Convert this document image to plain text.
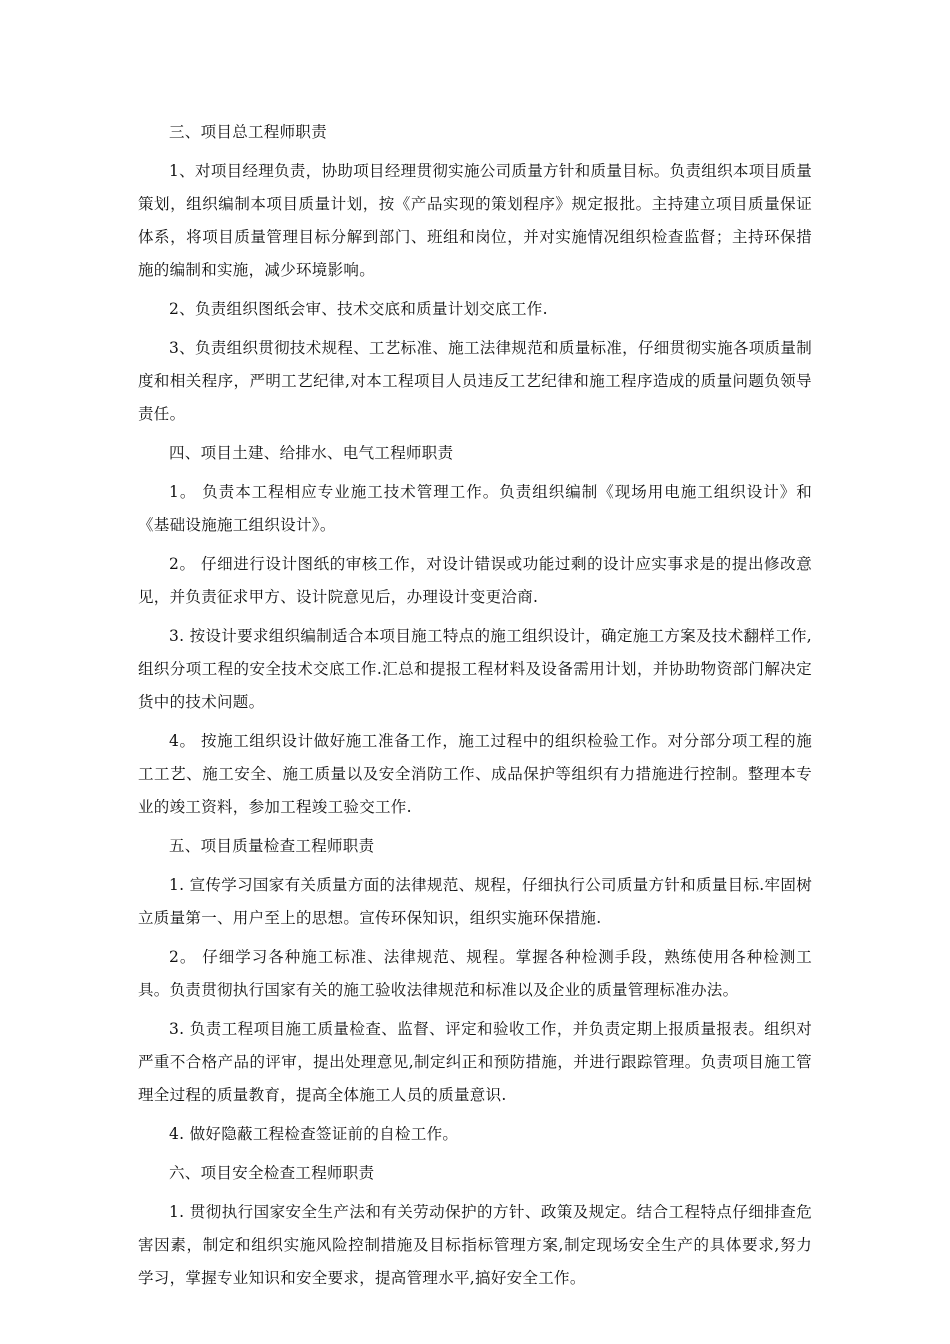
三、项目总工程师职责

1、对项目经理负责，协助项目经理贯彻实施公司质量方针和质量目标。负责组织本项目质量策划，组织编制本项目质量计划，按《产品实现的策划程序》规定报批。主持建立项目质量保证体系，将项目质量管理目标分解到部门、班组和岗位，并对实施情况组织检查监督；主持环保措施的编制和实施，减少环境影响。

2、负责组织图纸会审、技术交底和质量计划交底工作.

3、负责组织贯彻技术规程、工艺标准、施工法律规范和质量标准，仔细贯彻实施各项质量制度和相关程序，严明工艺纪律,对本工程项目人员违反工艺纪律和施工程序造成的质量问题负领导责任。

四、项目土建、给排水、电气工程师职责

1。 负责本工程相应专业施工技术管理工作。负责组织编制《现场用电施工组织设计》和《基础设施施工组织设计》。

2。 仔细进行设计图纸的审核工作，对设计错误或功能过剩的设计应实事求是的提出修改意见，并负责征求甲方、设计院意见后，办理设计变更洽商.

3. 按设计要求组织编制适合本项目施工特点的施工组织设计，确定施工方案及技术翻样工作,组织分项工程的安全技术交底工作.汇总和提报工程材料及设备需用计划，并协助物资部门解决定货中的技术问题。

4。 按施工组织设计做好施工准备工作，施工过程中的组织检验工作。对分部分项工程的施工工艺、施工安全、施工质量以及安全消防工作、成品保护等组织有力措施进行控制。整理本专业的竣工资料，参加工程竣工验交工作.

五、项目质量检查工程师职责

1. 宣传学习国家有关质量方面的法律规范、规程，仔细执行公司质量方针和质量目标.牢固树立质量第一、用户至上的思想。宣传环保知识，组织实施环保措施.

2。 仔细学习各种施工标准、法律规范、规程。掌握各种检测手段，熟练使用各种检测工具。负责贯彻执行国家有关的施工验收法律规范和标准以及企业的质量管理标准办法。

3. 负责工程项目施工质量检查、监督、评定和验收工作，并负责定期上报质量报表。组织对严重不合格产品的评审，提出处理意见,制定纠正和预防措施，并进行跟踪管理。负责项目施工管理全过程的质量教育，提高全体施工人员的质量意识.

4. 做好隐蔽工程检查签证前的自检工作。

六、项目安全检查工程师职责

1. 贯彻执行国家安全生产法和有关劳动保护的方针、政策及规定。结合工程特点仔细排查危害因素，制定和组织实施风险控制措施及目标指标管理方案,制定现场安全生产的具体要求,努力学习，掌握专业知识和安全要求，提高管理水平,搞好安全工作。
